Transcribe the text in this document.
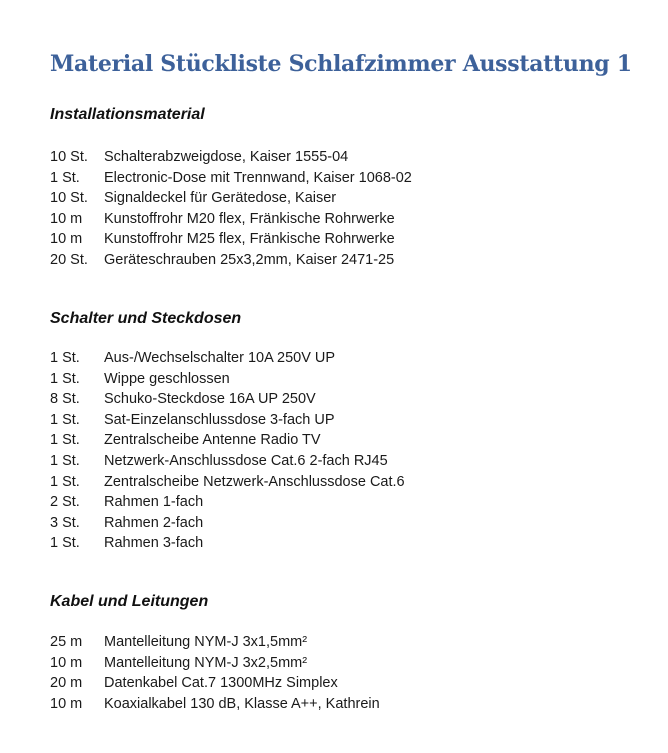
Material Stückliste Schlafzimmer Ausstattung 1
Installationsmaterial
10 St.	Schalterabzweigdose, Kaiser 1555-04
1 St.	Electronic-Dose mit Trennwand, Kaiser 1068-02
10 St.	Signaldeckel für Gerätedose, Kaiser
10 m	Kunstoffrohr M20 flex, Fränkische Rohrwerke
10 m	Kunstoffrohr M25 flex, Fränkische Rohrwerke
20 St.	Geräteschrauben 25x3,2mm, Kaiser 2471-25
Schalter und Steckdosen
1 St.	Aus-/Wechselschalter 10A 250V UP
1 St.	Wippe geschlossen
8 St.	Schuko-Steckdose 16A UP 250V
1 St.	Sat-Einzelanschlussdose 3-fach UP
1 St.	Zentralscheibe Antenne Radio TV
1 St.	Netzwerk-Anschlussdose Cat.6 2-fach RJ45
1 St.	Zentralscheibe Netzwerk-Anschlussdose Cat.6
2 St.	Rahmen 1-fach
3 St.	Rahmen 2-fach
1 St.	Rahmen 3-fach
Kabel und Leitungen
25 m	Mantelleitung NYM-J 3x1,5mm²
10 m	Mantelleitung NYM-J 3x2,5mm²
20 m	Datenkabel Cat.7 1300MHz Simplex
10 m	Koaxialkabel 130 dB, Klasse A++, Kathrein
